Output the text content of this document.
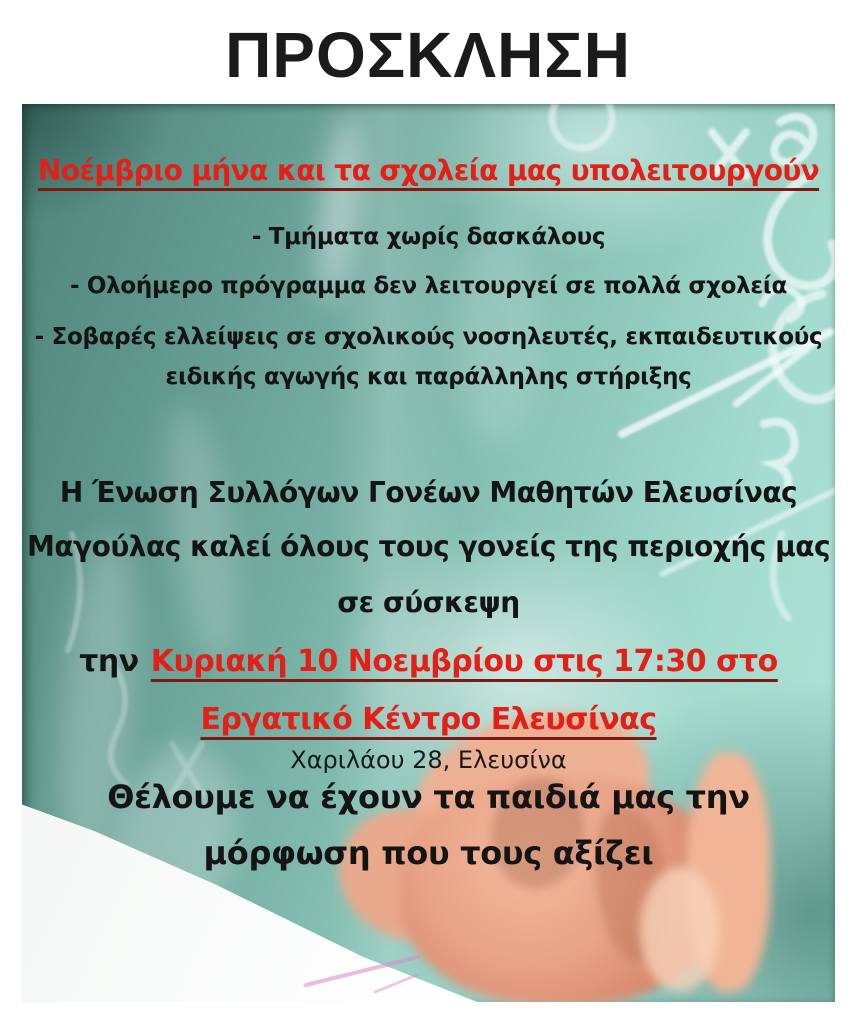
ΠΡΟΣΚΛΗΣΗ
Νοέμβριο μήνα και τα σχολεία μας υπολειτουργούν
- Τμήματα χωρίς δασκάλους
- Ολοήμερο πρόγραμμα δεν λειτουργεί σε πολλά σχολεία
- Σοβαρές ελλείψεις σε σχολικούς νοσηλευτές, εκπαιδευτικούς
ειδικής αγωγής και παράλληλης στήριξης
Η Ένωση Συλλόγων Γονέων Μαθητών Ελευσίνας
Μαγούλας καλεί όλους τους γονείς της περιοχής μας
σε σύσκεψη
την Κυριακή 10 Νοεμβρίου στις 17:30 στο
Εργατικό Κέντρο Ελευσίνας
Χαριλάου 28, Ελευσίνα
Θέλουμε να έχουν τα παιδιά μας την
μόρφωση που τους αξίζει
